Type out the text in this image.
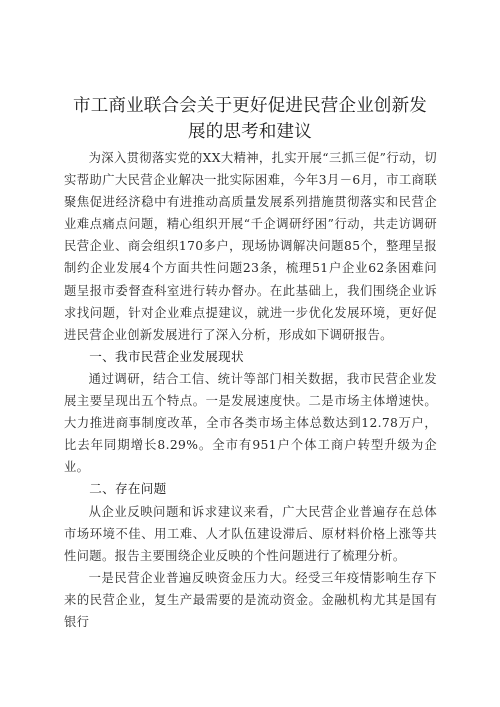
市工商业联合会关于更好促进民营企业创新发
展的思考和建议

为深入贯彻落实党的XX大精神，扎实开展“三抓三促”行动，切实帮助广大民营企业解决一批实际困难，今年3月－6月，市工商联聚焦促进经济稳中有进推动高质量发展系列措施贯彻落实和民营企业难点痛点问题，精心组织开展“千企调研纾困”行动，共走访调研民营企业、商会组织170多户，现场协调解决问题85个，整理呈报制约企业发展4个方面共性问题23条，梳理51户企业62条困难问题呈报市委督查科室进行转办督办。在此基础上，我们围绕企业诉求找问题，针对企业难点提建议，就进一步优化发展环境，更好促进民营企业创新发展进行了深入分析，形成如下调研报告。

一、我市民营企业发展现状

通过调研，结合工信、统计等部门相关数据，我市民营企业发展主要呈现出五个特点。一是发展速度快。二是市场主体增速快。大力推进商事制度改革，全市各类市场主体总数达到12.78万户，比去年同期增长8.29%。全市有951户个体工商户转型升级为企业。

二、存在问题

从企业反映问题和诉求建议来看，广大民营企业普遍存在总体市场环境不佳、用工难、人才队伍建设滞后、原材料价格上涨等共性问题。报告主要围绕企业反映的个性问题进行了梳理分析。

一是民营企业普遍反映资金压力大。经受三年疫情影响生存下来的民营企业，复生产最需要的是流动资金。金融机构尤其是国有银行
